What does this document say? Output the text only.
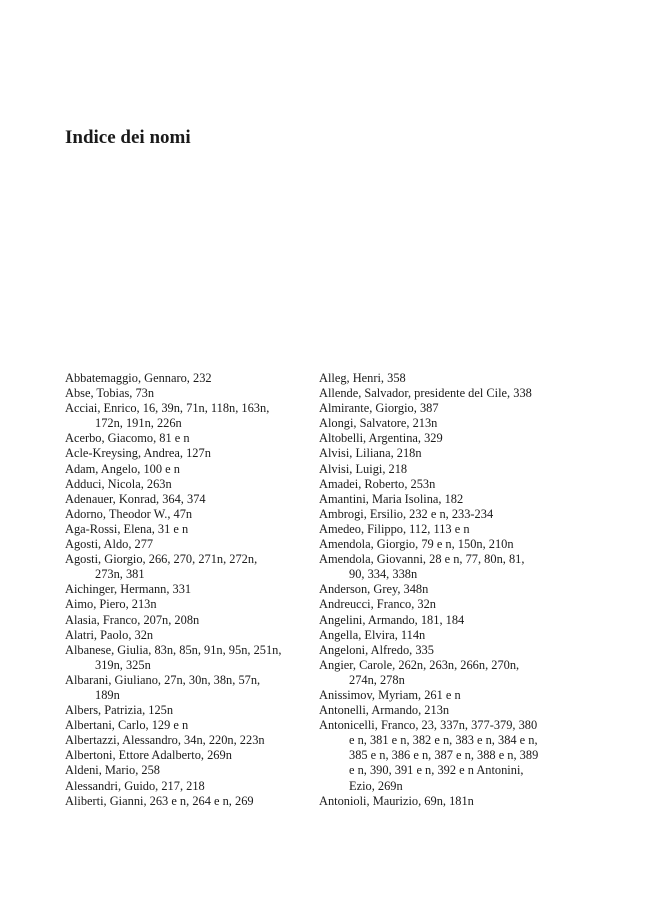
Indice dei nomi
Abbatemaggio, Gennaro, 232
Abse, Tobias, 73n
Acciai, Enrico, 16, 39n, 71n, 118n, 163n,
172n, 191n, 226n
Acerbo, Giacomo, 81 e n
Acle-Kreysing, Andrea, 127n
Adam, Angelo, 100 e n
Adduci, Nicola, 263n
Adenauer, Konrad, 364, 374
Adorno, Theodor W., 47n
Aga-Rossi, Elena, 31 e n
Agosti, Aldo, 277
Agosti, Giorgio, 266, 270, 271n, 272n,
273n, 381
Aichinger, Hermann, 331
Aimo, Piero, 213n
Alasia, Franco, 207n, 208n
Alatri, Paolo, 32n
Albanese, Giulia, 83n, 85n, 91n, 95n, 251n,
319n, 325n
Albarani, Giuliano, 27n, 30n, 38n, 57n,
189n
Albers, Patrizia, 125n
Albertani, Carlo, 129 e n
Albertazzi, Alessandro, 34n, 220n, 223n
Albertoni, Ettore Adalberto, 269n
Aldeni, Mario, 258
Alessandri, Guido, 217, 218
Aliberti, Gianni, 263 e n, 264 e n, 269
Alleg, Henri, 358
Allende, Salvador, presidente del Cile, 338
Almirante, Giorgio, 387
Alongi, Salvatore, 213n
Altobelli, Argentina, 329
Alvisi, Liliana, 218n
Alvisi, Luigi, 218
Amadei, Roberto, 253n
Amantini, Maria Isolina, 182
Ambrogi, Ersilio, 232 e n, 233-234
Amedeo, Filippo, 112, 113 e n
Amendola, Giorgio, 79 e n, 150n, 210n
Amendola, Giovanni, 28 e n, 77, 80n, 81,
90, 334, 338n
Anderson, Grey, 348n
Andreucci, Franco, 32n
Angelini, Armando, 181, 184
Angella, Elvira, 114n
Angeloni, Alfredo, 335
Angier, Carole, 262n, 263n, 266n, 270n,
274n, 278n
Anissimov, Myriam, 261 e n
Antonelli, Armando, 213n
Antonicelli, Franco, 23, 337n, 377-379, 380
e n, 381 e n, 382 e n, 383 e n, 384 e n,
385 e n, 386 e n, 387 e n, 388 e n, 389
e n, 390, 391 e n, 392 e n Antonini,
Ezio, 269n
Antonioli, Maurizio, 69n, 181n
